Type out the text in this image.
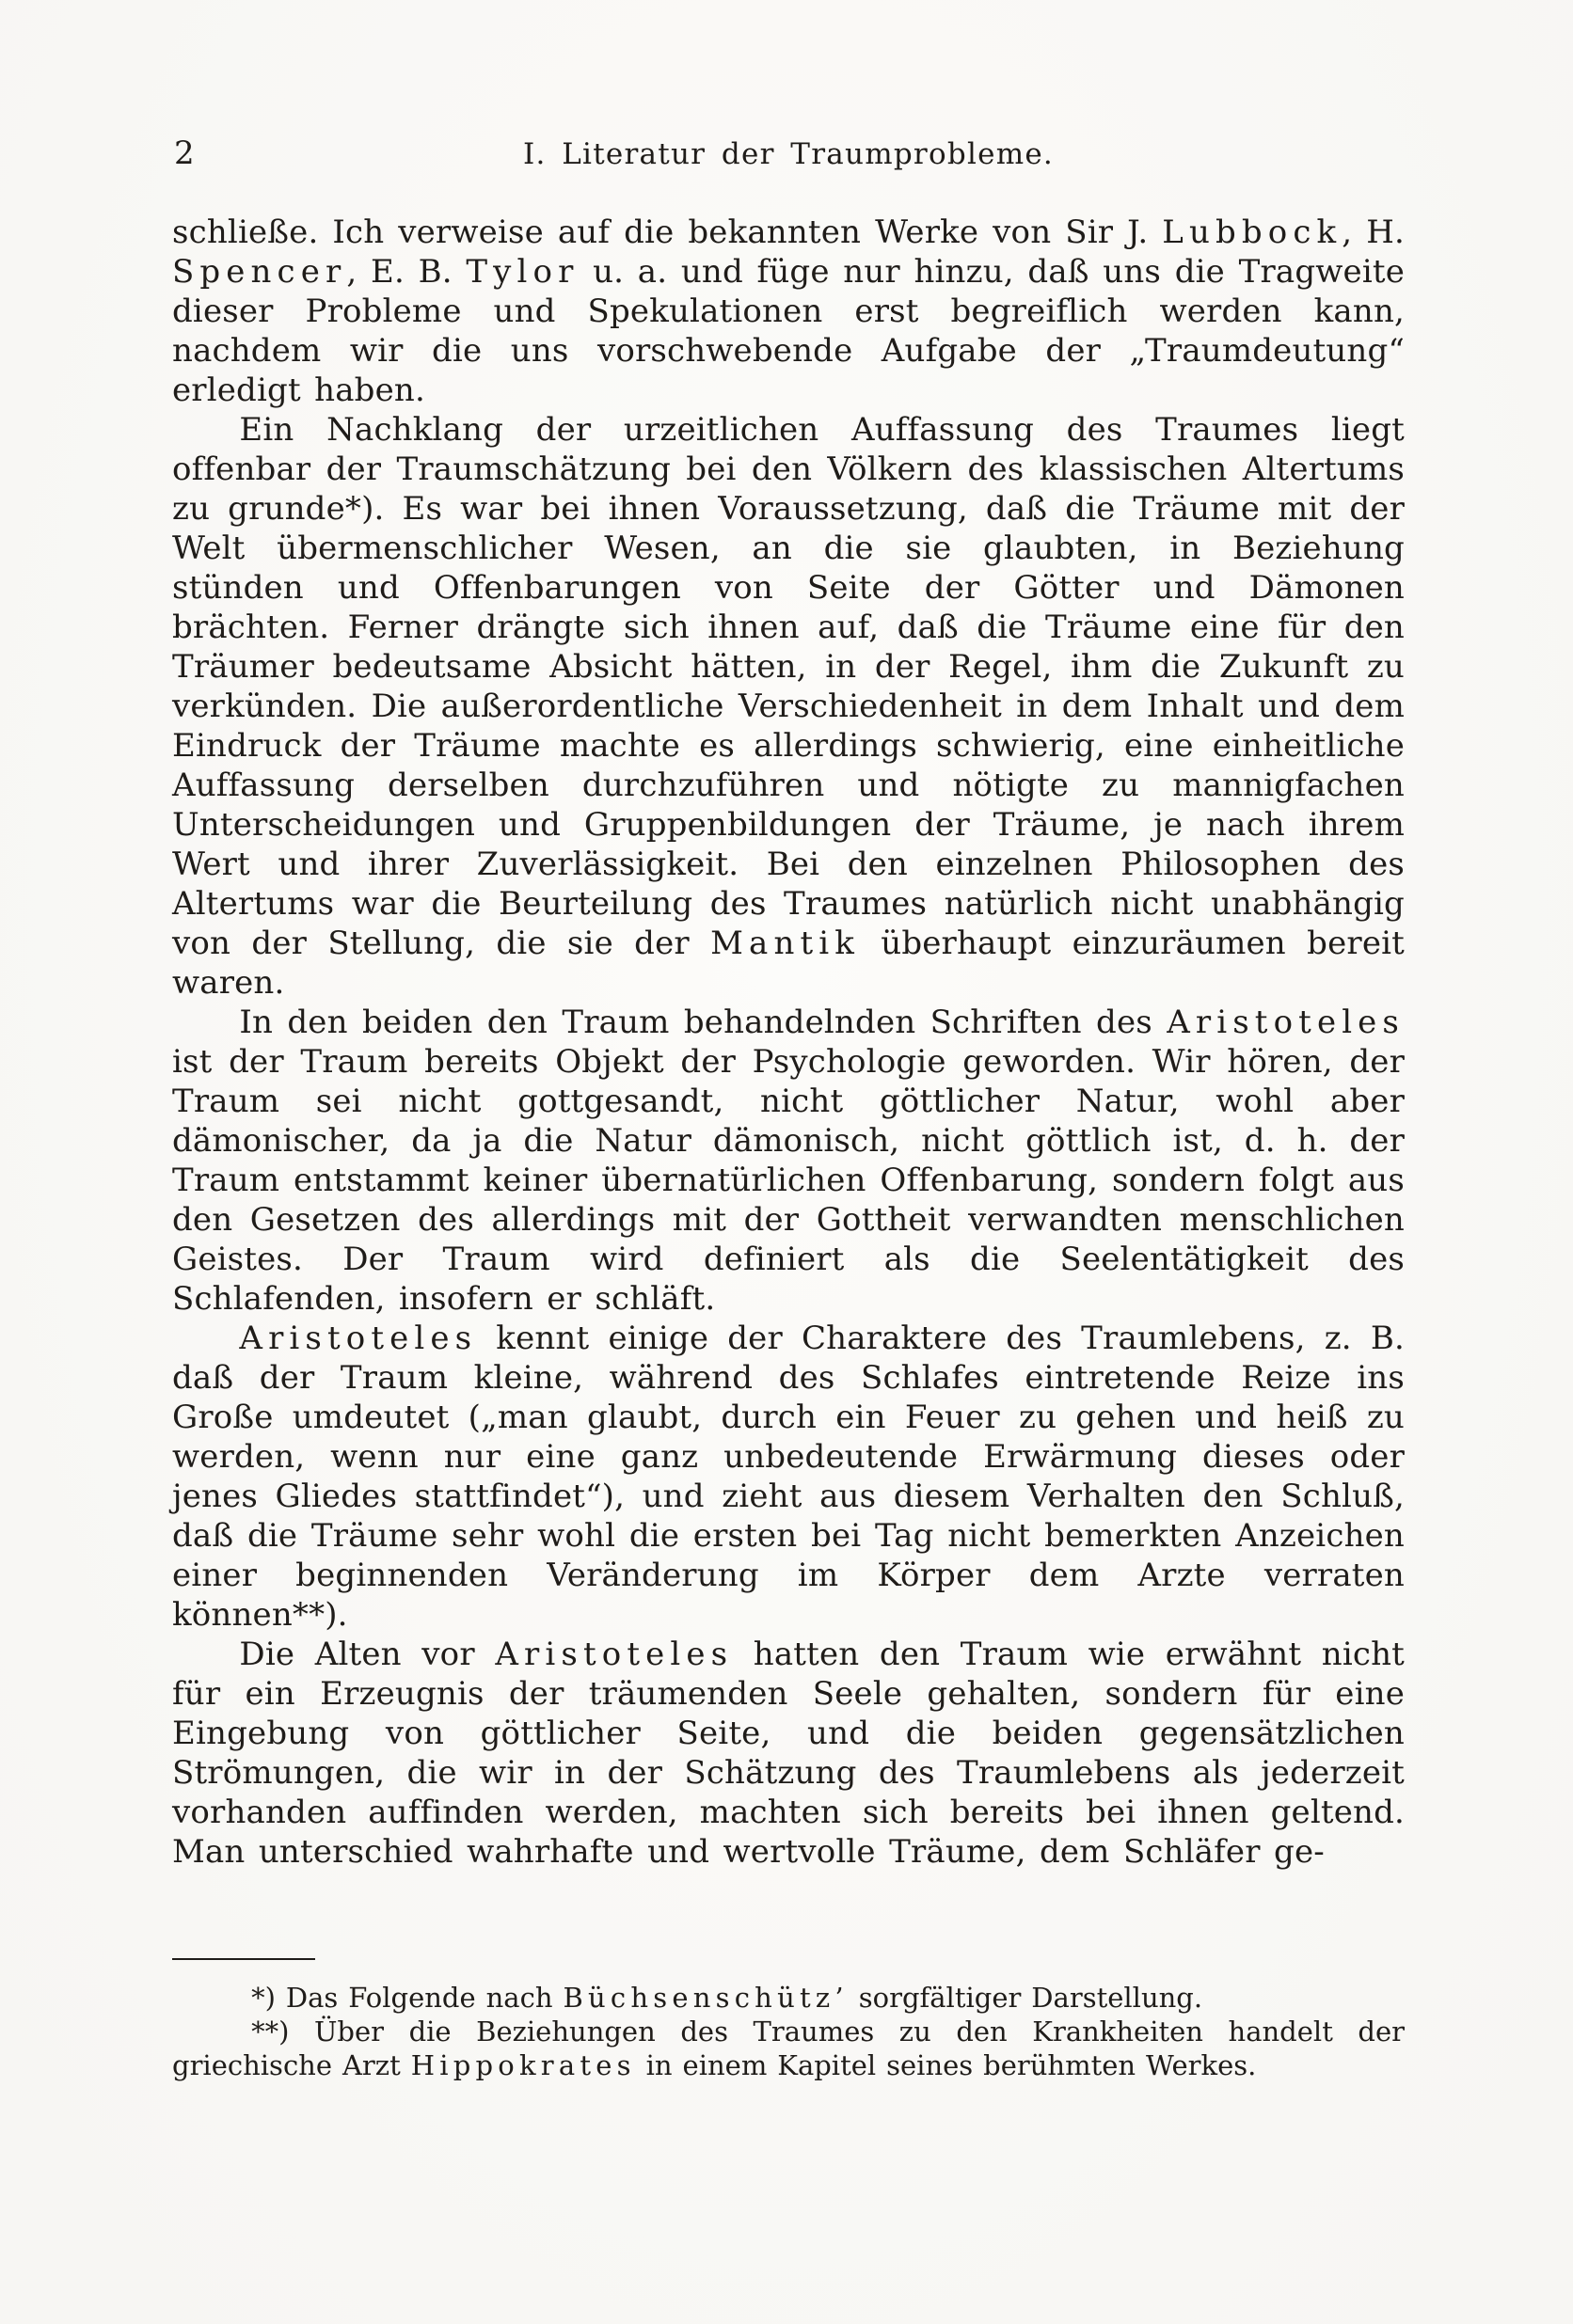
2	I. Literatur der Traumprobleme.

schließe. Ich verweise auf die bekannten Werke von Sir J. Lubbock, H. Spencer, E. B. Tylor u. a. und füge nur hinzu, daß uns die Tragweite dieser Probleme und Spekulationen erst begreiflich werden kann, nachdem wir die uns vorschwebende Aufgabe der „Traumdeutung“ erledigt haben.

Ein Nachklang der urzeitlichen Auffassung des Traumes liegt offenbar der Traumschätzung bei den Völkern des klassischen Altertums zu grunde*). Es war bei ihnen Voraussetzung, daß die Träume mit der Welt übermenschlicher Wesen, an die sie glaubten, in Beziehung stünden und Offenbarungen von Seite der Götter und Dämonen brächten. Ferner drängte sich ihnen auf, daß die Träume eine für den Träumer bedeutsame Absicht hätten, in der Regel, ihm die Zukunft zu verkünden. Die außerordentliche Verschiedenheit in dem Inhalt und dem Eindruck der Träume machte es allerdings schwierig, eine einheitliche Auffassung derselben durchzuführen und nötigte zu mannigfachen Unterscheidungen und Gruppenbildungen der Träume, je nach ihrem Wert und ihrer Zuverlässigkeit. Bei den einzelnen Philosophen des Altertums war die Beurteilung des Traumes natürlich nicht unabhängig von der Stellung, die sie der Mantik überhaupt einzuräumen bereit waren.

In den beiden den Traum behandelnden Schriften des Aristoteles ist der Traum bereits Objekt der Psychologie geworden. Wir hören, der Traum sei nicht gottgesandt, nicht göttlicher Natur, wohl aber dämonischer, da ja die Natur dämonisch, nicht göttlich ist, d. h. der Traum entstammt keiner übernatürlichen Offenbarung, sondern folgt aus den Gesetzen des allerdings mit der Gottheit verwandten menschlichen Geistes. Der Traum wird definiert als die Seelentätigkeit des Schlafenden, insofern er schläft.

Aristoteles kennt einige der Charaktere des Traumlebens, z. B. daß der Traum kleine, während des Schlafes eintretende Reize ins Große umdeutet („man glaubt, durch ein Feuer zu gehen und heiß zu werden, wenn nur eine ganz unbedeutende Erwärmung dieses oder jenes Gliedes stattfindet“), und zieht aus diesem Verhalten den Schluß, daß die Träume sehr wohl die ersten bei Tag nicht bemerkten Anzeichen einer beginnenden Veränderung im Körper dem Arzte verraten können**).

Die Alten vor Aristoteles hatten den Traum wie erwähnt nicht für ein Erzeugnis der träumenden Seele gehalten, sondern für eine Eingebung von göttlicher Seite, und die beiden gegensätzlichen Strömungen, die wir in der Schätzung des Traumlebens als jederzeit vorhanden auffinden werden, machten sich bereits bei ihnen geltend. Man unterschied wahrhafte und wertvolle Träume, dem Schläfer ge-

*) Das Folgende nach Büchsenschütz’ sorgfältiger Darstellung.

**) Über die Beziehungen des Traumes zu den Krankheiten handelt der griechische Arzt Hippokrates in einem Kapitel seines berühmten Werkes.
